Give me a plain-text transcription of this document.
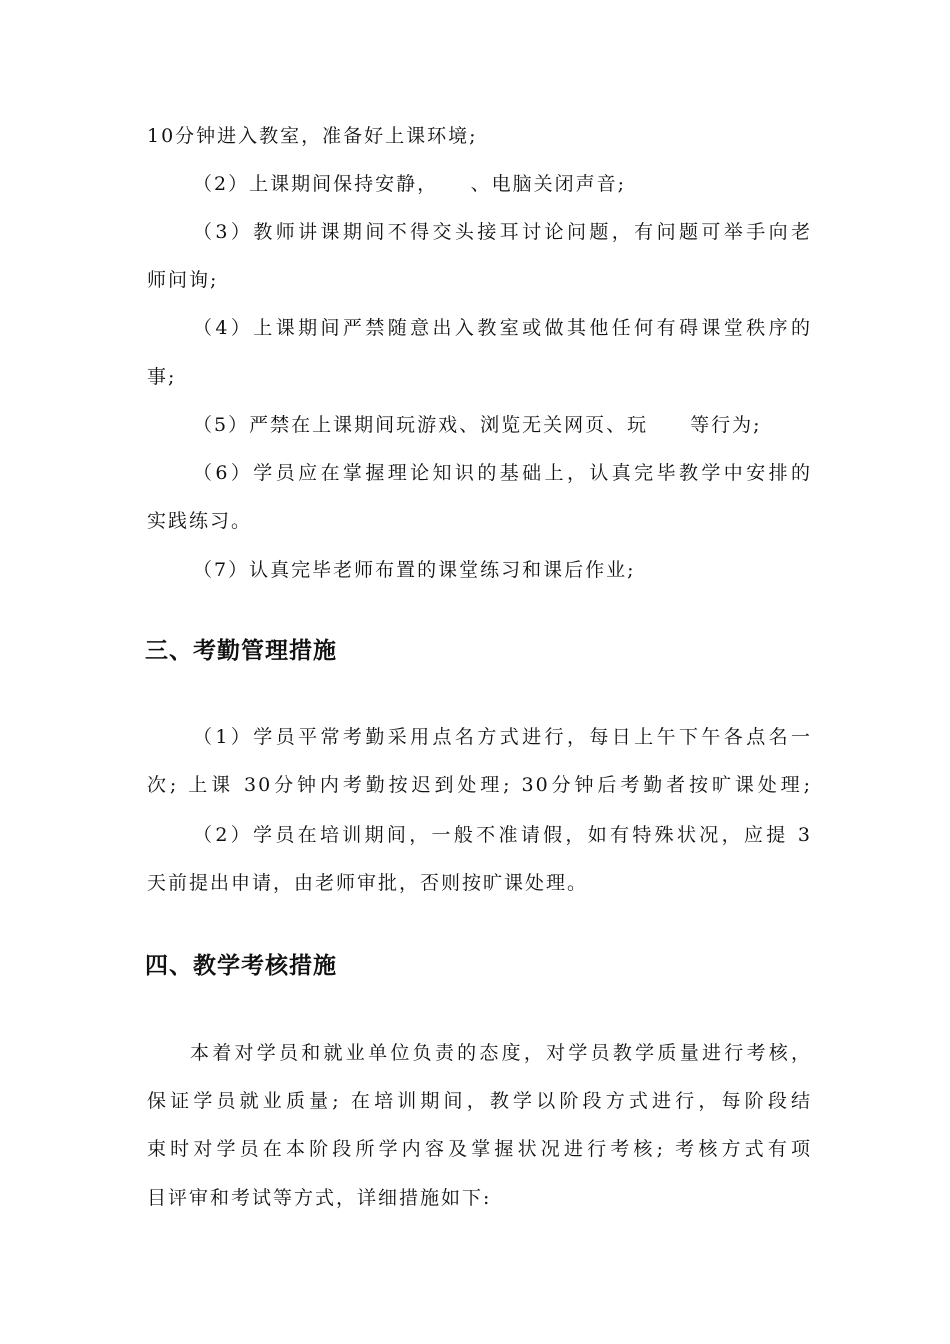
10分钟进入教室，准备好上课环境;
（2）上课期间保持安静，　　、电脑关闭声音;
（3）教师讲课期间不得交头接耳讨论问题，有问题可举手向老
师问询;
（4）上课期间严禁随意出入教室或做其他任何有碍课堂秩序的
事;
（5）严禁在上课期间玩游戏、浏览无关网页、玩　　等行为;
（6）学员应在掌握理论知识的基础上，认真完毕教学中安排的
实践练习。
（7）认真完毕老师布置的课堂练习和课后作业;
三、考勤管理措施
（1）学员平常考勤采用点名方式进行，每日上午下午各点名一
次; 上课 30分钟内考勤按迟到处理; 30分钟后考勤者按旷课处理;
（2）学员在培训期间，一般不准请假，如有特殊状况，应提 3
天前提出申请，由老师审批，否则按旷课处理。
四、教学考核措施
本着对学员和就业单位负责的态度，对学员教学质量进行考核，
保证学员就业质量; 在培训期间，教学以阶段方式进行，每阶段结
束时对学员在本阶段所学内容及掌握状况进行考核; 考核方式有项
目评审和考试等方式，详细措施如下:
